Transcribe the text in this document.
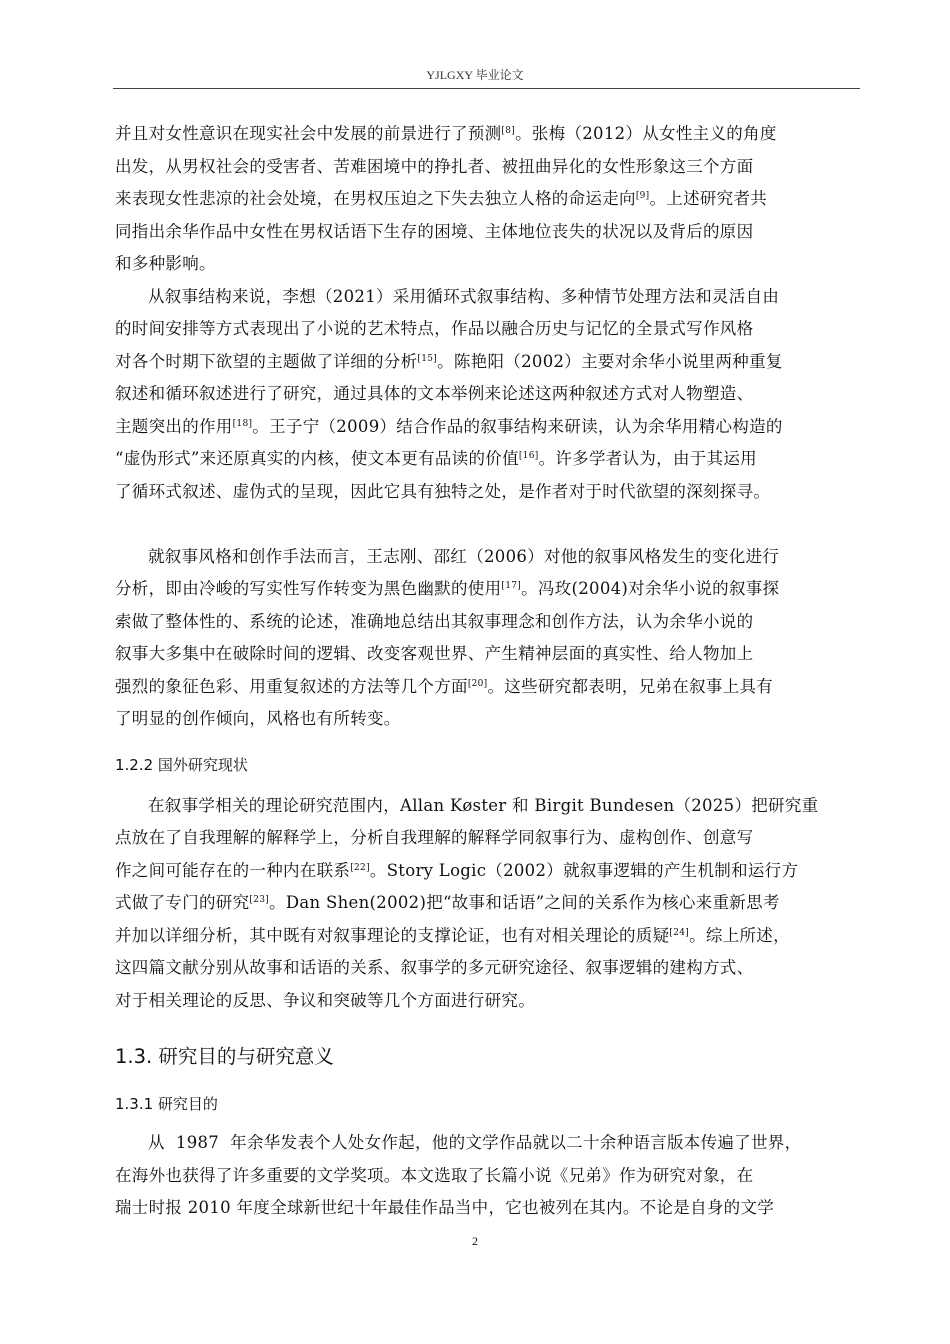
YJLGXY 毕业论文

并且对女性意识在现实社会中发展的前景进行了预测[8]。张梅（2012）从女性主义的角度
出发，从男权社会的受害者、苦难困境中的挣扎者、被扭曲异化的女性形象这三个方面
来表现女性悲凉的社会处境，在男权压迫之下失去独立人格的命运走向[9]。上述研究者共
同指出余华作品中女性在男权话语下生存的困境、主体地位丧失的状况以及背后的原因
和多种影响。

从叙事结构来说，李想（2021）采用循环式叙事结构、多种情节处理方法和灵活自由
的时间安排等方式表现出了小说的艺术特点，作品以融合历史与记忆的全景式写作风格
对各个时期下欲望的主题做了详细的分析[15]。陈艳阳（2002）主要对余华小说里两种重复
叙述和循环叙述进行了研究，通过具体的文本举例来论述这两种叙述方式对人物塑造、
主题突出的作用[18]。王子宁（2009）结合作品的叙事结构来研读，认为余华用精心构造的
“虚伪形式”来还原真实的内核，使文本更有品读的价值[16]。许多学者认为，由于其运用
了循环式叙述、虚伪式的呈现，因此它具有独特之处，是作者对于时代欲望的深刻探寻。

就叙事风格和创作手法而言，王志刚、邵红（2006）对他的叙事风格发生的变化进行
分析，即由冷峻的写实性写作转变为黑色幽默的使用[17]。冯玫(2004)对余华小说的叙事探
索做了整体性的、系统的论述，准确地总结出其叙事理念和创作方法，认为余华小说的
叙事大多集中在破除时间的逻辑、改变客观世界、产生精神层面的真实性、给人物加上
强烈的象征色彩、用重复叙述的方法等几个方面[20]。这些研究都表明，兄弟在叙事上具有
了明显的创作倾向，风格也有所转变。

1.2.2 国外研究现状

在叙事学相关的理论研究范围内，Allan Køster 和 Birgit Bundesen（2025）把研究重
点放在了自我理解的解释学上，分析自我理解的解释学同叙事行为、虚构创作、创意写
作之间可能存在的一种内在联系[22]。Story Logic（2002）就叙事逻辑的产生机制和运行方
式做了专门的研究[23]。Dan Shen(2002)把“故事和话语”之间的关系作为核心来重新思考
并加以详细分析，其中既有对叙事理论的支撑论证，也有对相关理论的质疑[24]。综上所述，
这四篇文献分别从故事和话语的关系、叙事学的多元研究途径、叙事逻辑的建构方式、
对于相关理论的反思、争议和突破等几个方面进行研究。

1.3. 研究目的与研究意义
1.3.1 研究目的

从  1987  年余华发表个人处女作起，他的文学作品就以二十余种语言版本传遍了世界，
在海外也获得了许多重要的文学奖项。本文选取了长篇小说《兄弟》作为研究对象，在
瑞士时报 2010 年度全球新世纪十年最佳作品当中，它也被列在其内。不论是自身的文学

2
